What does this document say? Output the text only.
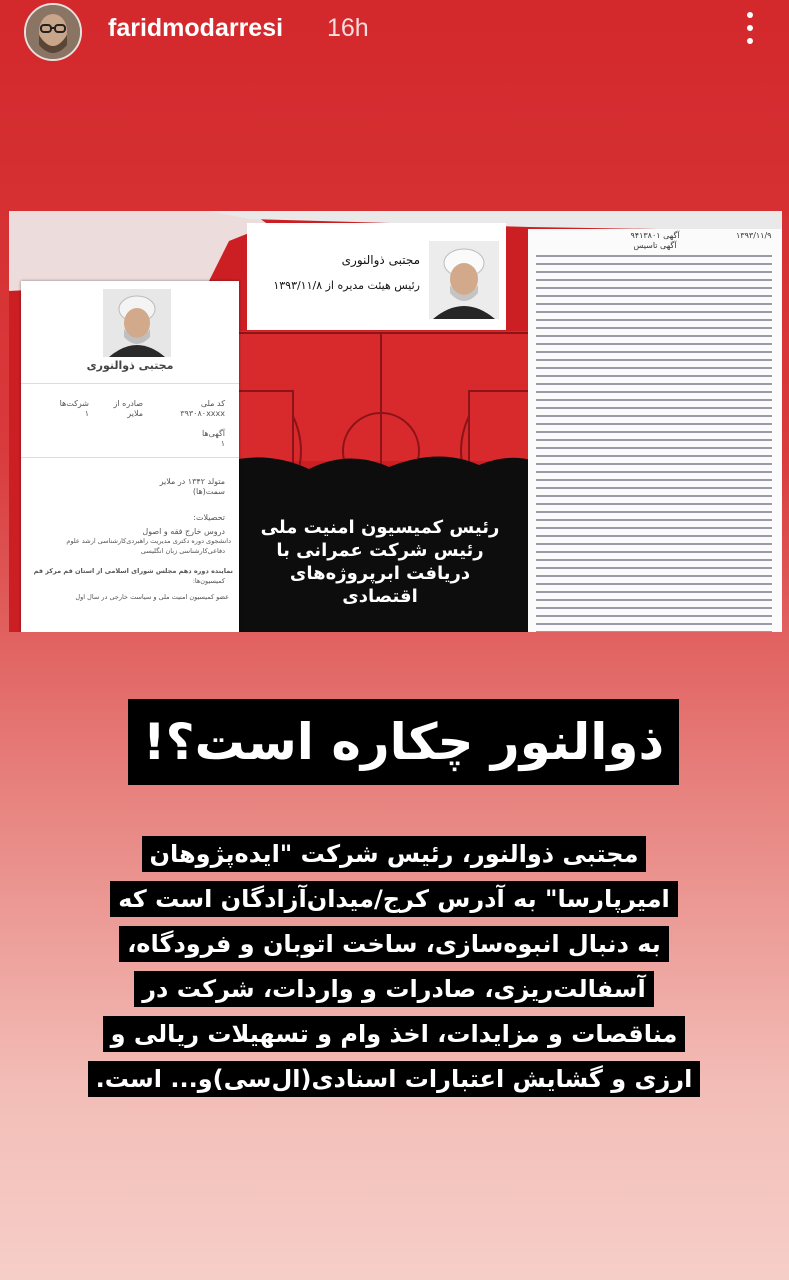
faridmodarresi 16h
مجتبی ذوالنوری
کد ملی
۳۹۳۰۸۰xxxx
صادره از
ملایر
شرکت‌ها
۱
آگهی‌ها
۱
متولد ۱۳۴۲ در ملایر
سمت(ها)
تحصیلات:
دروس خارج فقه و اصول
دانشجوی دوره دکتری مدیریت راهبردی‌کارشناسی ارشد علوم
دفاعی‌کارشناسی زبان انگلیسی
نماینده دوره دهم مجلس شورای اسلامی از استان قم مرکز قم
کمیسیون‌ها:
عضو کمیسیون امنیت ملی و سیاست خارجی در سال اول
مجتبی ذوالنوری
رئیس هیئت مدیره از ۱۳۹۳/۱۱/۸
رئیس کمیسیون امنیت ملی
رئیس شرکت عمرانی با
دریافت ابرپروژه‌های
اقتصادی
آگهی ۹۴۱۳۸۰۱	۱۳۹۳/۱۱/۹
آگهی تاسیس
ذوالنور چکاره است؟!
مجتبی ذوالنور، رئیس شرکت "ایده‌پژوهان
امیرپارسا" به آدرس کرج/میدان‌آزادگان است که
به دنبال انبوه‌سازی، ساخت اتوبان و فرودگاه،
آسفالت‌ریزی، صادرات و واردات، شرکت در
مناقصات و مزایدات، اخذ وام و تسهیلات ریالی و
ارزی و گشایش اعتبارات اسنادی(ال‌سی)و... است.
